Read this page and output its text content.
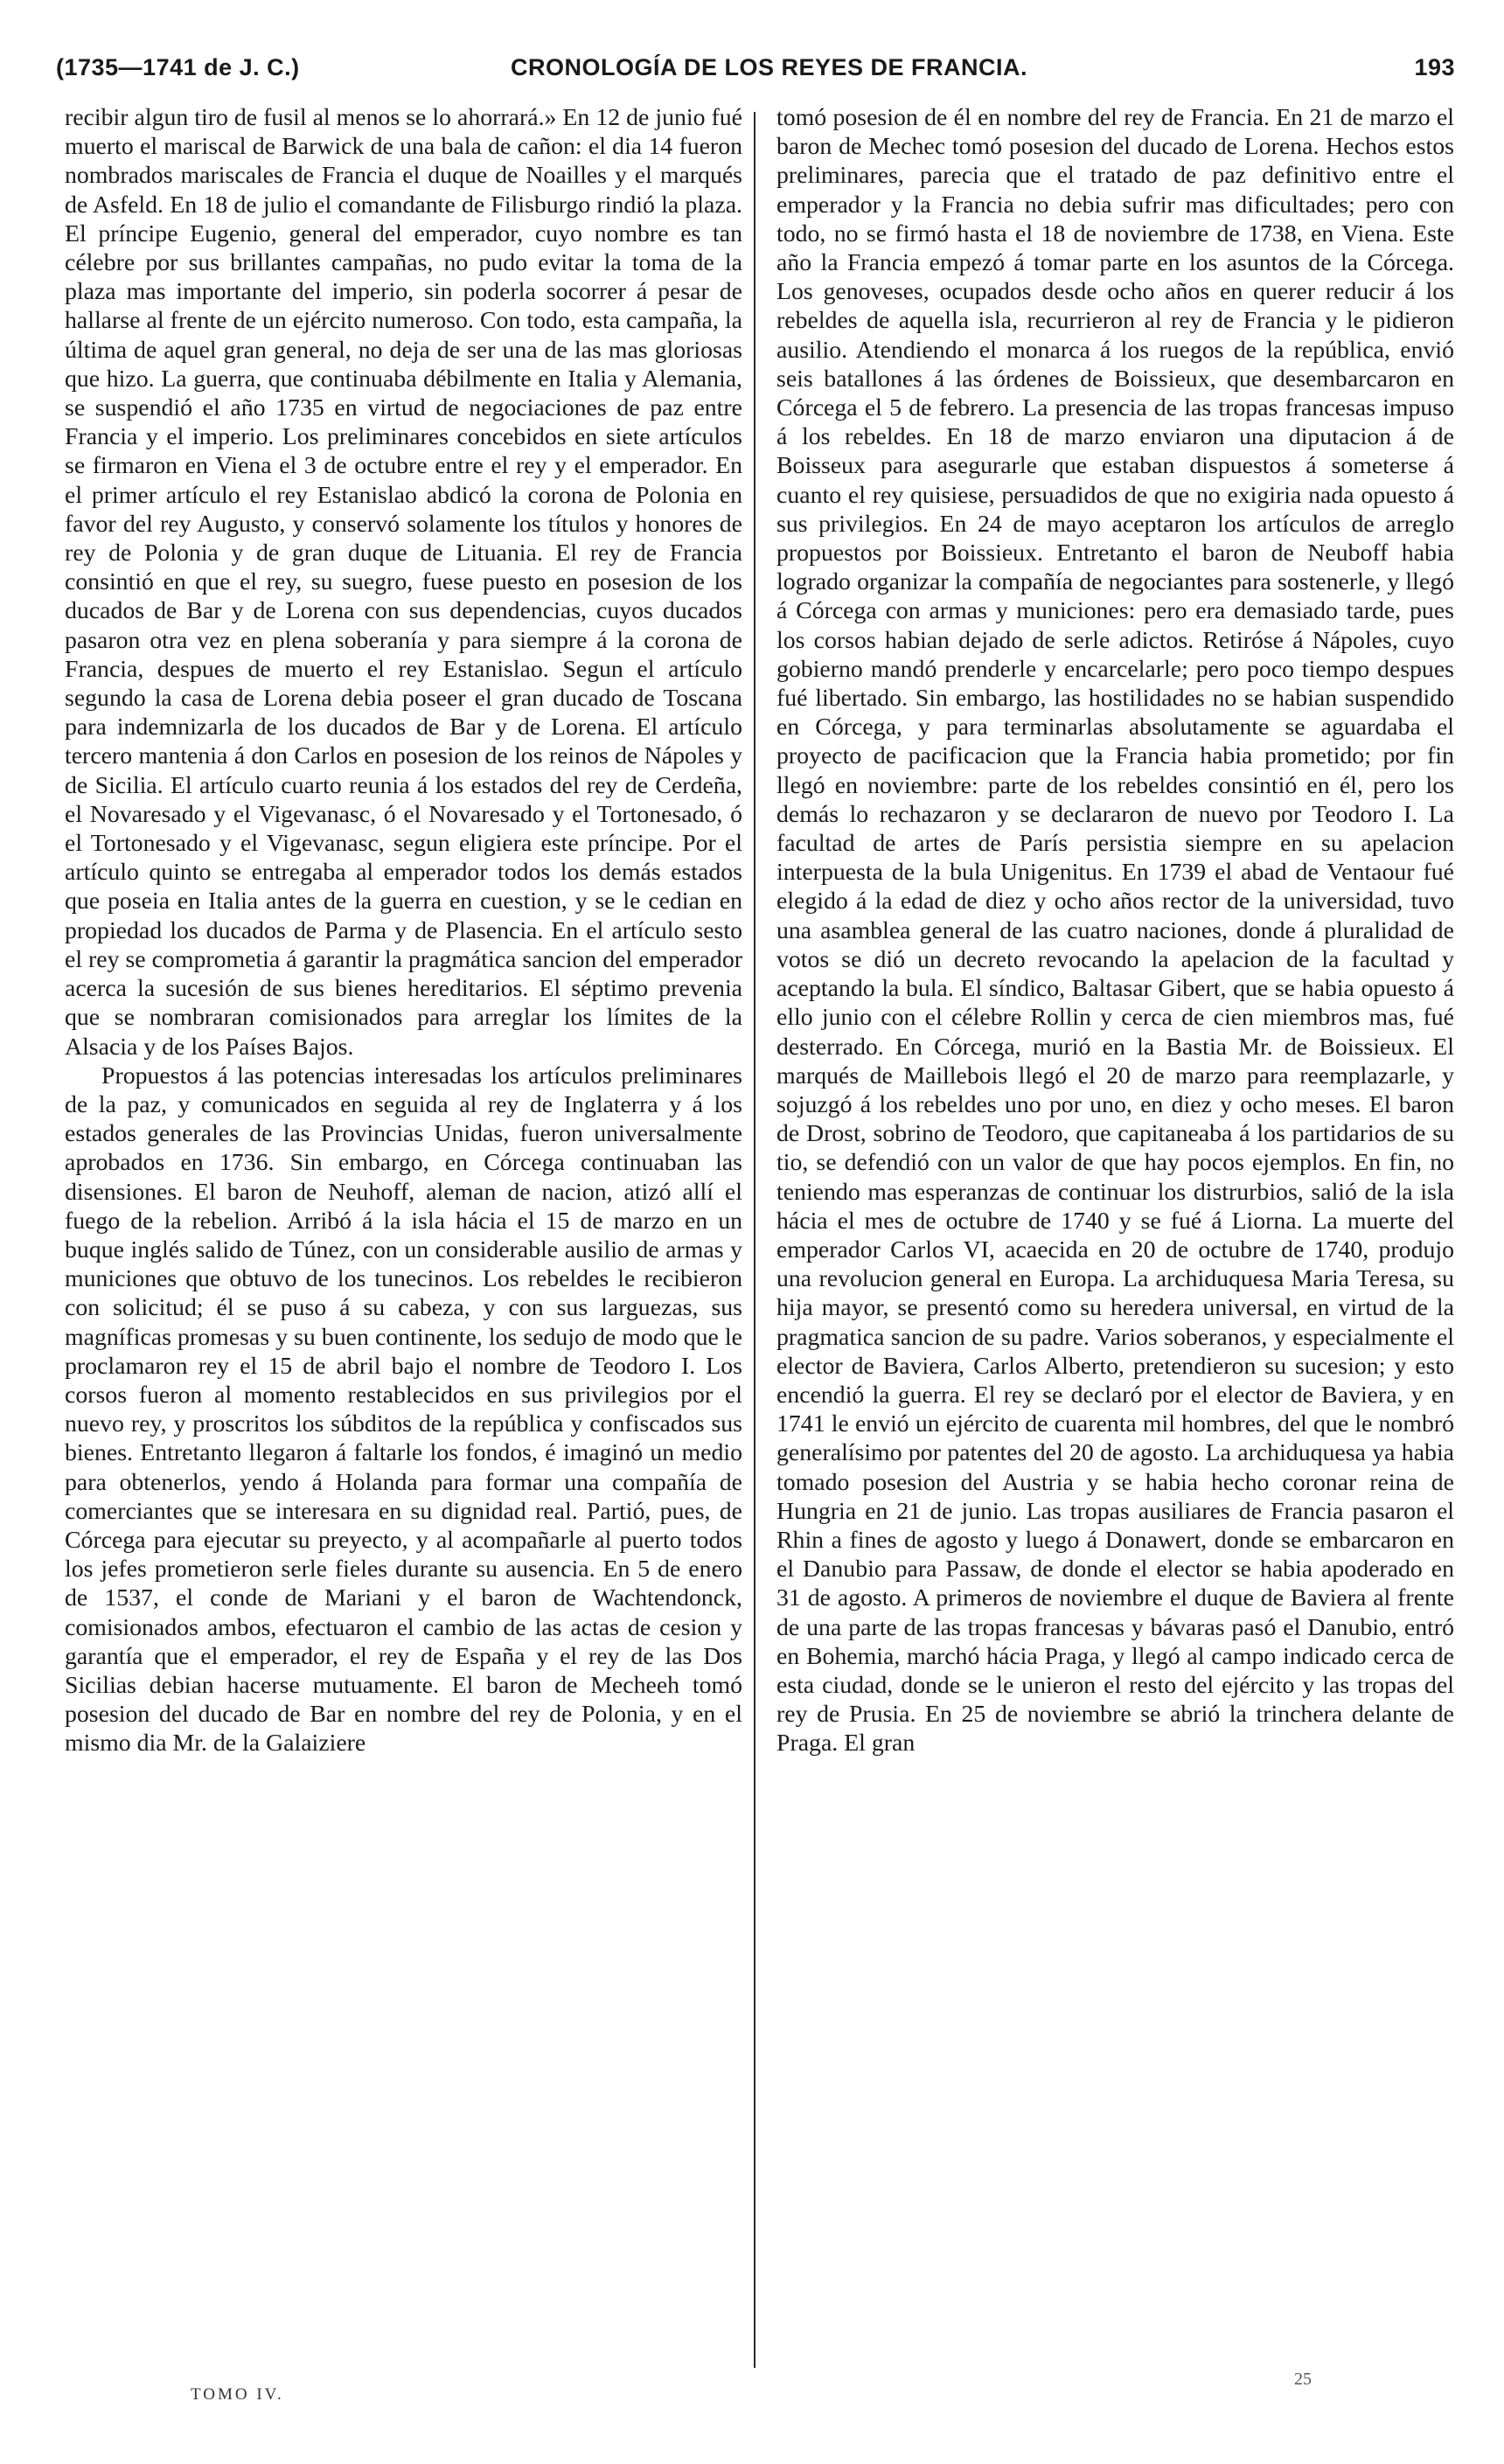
(1735—1741 de J. C.)	CRONOLOGÍA DE LOS REYES DE FRANCIA.	193

recibir algun tiro de fusil al menos se lo ahorrará.» En 12 de junio fué muerto el mariscal de Barwick de una bala de cañon: el dia 14 fueron nombrados mariscales de Francia el duque de Noailles y el marqués de Asfeld. En 18 de julio el comandante de Filisburgo rindió la plaza. El príncipe Eugenio, general del emperador, cuyo nombre es tan célebre por sus brillantes campañas, no pudo evitar la toma de la plaza mas importante del imperio, sin poderla socorrer á pesar de hallarse al frente de un ejército numeroso. Con todo, esta campaña, la última de aquel gran general, no deja de ser una de las mas gloriosas que hizo. La guerra, que continuaba débilmente en Italia y Alemania, se suspendió el año 1735 en virtud de negociaciones de paz entre Francia y el imperio. Los preliminares concebidos en siete artículos se firmaron en Viena el 3 de octubre entre el rey y el emperador. En el primer artículo el rey Estanislao abdicó la corona de Polonia en favor del rey Augusto, y conservó solamente los títulos y honores de rey de Polonia y de gran duque de Lituania. El rey de Francia consintió en que el rey, su suegro, fuese puesto en posesion de los ducados de Bar y de Lorena con sus dependencias, cuyos ducados pasaron otra vez en plena soberanía y para siempre á la corona de Francia, despues de muerto el rey Estanislao. Segun el artículo segundo la casa de Lorena debia poseer el gran ducado de Toscana para indemnizarla de los ducados de Bar y de Lorena. El artículo tercero mantenia á don Carlos en posesion de los reinos de Nápoles y de Sicilia. El artículo cuarto reunia á los estados del rey de Cerdeña, el Novaresado y el Vigevanasc, ó el Novaresado y el Tortonesado, ó el Tortonesado y el Vigevanasc, segun eligiera este príncipe. Por el artículo quinto se entregaba al emperador todos los demás estados que poseia en Italia antes de la guerra en cuestion, y se le cedian en propiedad los ducados de Parma y de Plasencia. En el artículo sesto el rey se comprometia á garantir la pragmática sancion del emperador acerca la sucesión de sus bienes hereditarios. El séptimo prevenia que se nombraran comisionados para arreglar los límites de la Alsacia y de los Países Bajos.

Propuestos á las potencias interesadas los artículos preliminares de la paz, y comunicados en seguida al rey de Inglaterra y á los estados generales de las Provincias Unidas, fueron universalmente aprobados en 1736. Sin embargo, en Córcega continuaban las disensiones. El baron de Neuhoff, aleman de nacion, atizó allí el fuego de la rebelion. Arribó á la isla hácia el 15 de marzo en un buque inglés salido de Túnez, con un considerable ausilio de armas y municiones que obtuvo de los tunecinos. Los rebeldes le recibieron con solicitud; él se puso á su cabeza, y con sus larguezas, sus magníficas promesas y su buen continente, los sedujo de modo que le proclamaron rey el 15 de abril bajo el nombre de Teodoro I. Los corsos fueron al momento restablecidos en sus privilegios por el nuevo rey, y proscritos los súbditos de la república y confiscados sus bienes. Entretanto llegaron á faltarle los fondos, é imaginó un medio para obtenerlos, yendo á Holanda para formar una compañía de comerciantes que se interesara en su dignidad real. Partió, pues, de Córcega para ejecutar su preyecto, y al acompañarle al puerto todos los jefes prometieron serle fieles durante su ausencia. En 5 de enero de 1537, el conde de Mariani y el baron de Wachtendonck, comisionados ambos, efectuaron el cambio de las actas de cesion y garantía que el emperador, el rey de España y el rey de las Dos Sicilias debian hacerse mutuamente. El baron de Mecheeh tomó posesion del ducado de Bar en nombre del rey de Polonia, y en el mismo dia Mr. de la Galaiziere

tomó posesion de él en nombre del rey de Francia. En 21 de marzo el baron de Mechec tomó posesion del ducado de Lorena. Hechos estos preliminares, parecia que el tratado de paz definitivo entre el emperador y la Francia no debia sufrir mas dificultades; pero con todo, no se firmó hasta el 18 de noviembre de 1738, en Viena. Este año la Francia empezó á tomar parte en los asuntos de la Córcega. Los genoveses, ocupados desde ocho años en querer reducir á los rebeldes de aquella isla, recurrieron al rey de Francia y le pidieron ausilio. Atendiendo el monarca á los ruegos de la república, envió seis batallones á las órdenes de Boissieux, que desembarcaron en Córcega el 5 de febrero. La presencia de las tropas francesas impuso á los rebeldes. En 18 de marzo enviaron una diputacion á de Boisseux para asegurarle que estaban dispuestos á someterse á cuanto el rey quisiese, persuadidos de que no exigiria nada opuesto á sus privilegios. En 24 de mayo aceptaron los artículos de arreglo propuestos por Boissieux. Entretanto el baron de Neuboff habia logrado organizar la compañía de negociantes para sostenerle, y llegó á Córcega con armas y municiones: pero era demasiado tarde, pues los corsos habian dejado de serle adictos. Retiróse á Nápoles, cuyo gobierno mandó prenderle y encarcelarle; pero poco tiempo despues fué libertado. Sin embargo, las hostilidades no se habian suspendido en Córcega, y para terminarlas absolutamente se aguardaba el proyecto de pacificacion que la Francia habia prometido; por fin llegó en noviembre: parte de los rebeldes consintió en él, pero los demás lo rechazaron y se declararon de nuevo por Teodoro I. La facultad de artes de París persistia siempre en su apelacion interpuesta de la bula Unigenitus. En 1739 el abad de Ventaour fué elegido á la edad de diez y ocho años rector de la universidad, tuvo una asamblea general de las cuatro naciones, donde á pluralidad de votos se dió un decreto revocando la apelacion de la facultad y aceptando la bula. El síndico, Baltasar Gibert, que se habia opuesto á ello junio con el célebre Rollin y cerca de cien miembros mas, fué desterrado. En Córcega, murió en la Bastia Mr. de Boissieux. El marqués de Maillebois llegó el 20 de marzo para reemplazarle, y sojuzgó á los rebeldes uno por uno, en diez y ocho meses. El baron de Drost, sobrino de Teodoro, que capitaneaba á los partidarios de su tio, se defendió con un valor de que hay pocos ejemplos. En fin, no teniendo mas esperanzas de continuar los distrurbios, salió de la isla hácia el mes de octubre de 1740 y se fué á Liorna. La muerte del emperador Carlos VI, acaecida en 20 de octubre de 1740, produjo una revolucion general en Europa. La archiduquesa Maria Teresa, su hija mayor, se presentó como su heredera universal, en virtud de la pragmatica sancion de su padre. Varios soberanos, y especialmente el elector de Baviera, Carlos Alberto, pretendieron su sucesion; y esto encendió la guerra. El rey se declaró por el elector de Baviera, y en 1741 le envió un ejército de cuarenta mil hombres, del que le nombró generalísimo por patentes del 20 de agosto. La archiduquesa ya habia tomado posesion del Austria y se habia hecho coronar reina de Hungria en 21 de junio. Las tropas ausiliares de Francia pasaron el Rhin a fines de agosto y luego á Donawert, donde se embarcaron en el Danubio para Passaw, de donde el elector se habia apoderado en 31 de agosto. A primeros de noviembre el duque de Baviera al frente de una parte de las tropas francesas y bávaras pasó el Danubio, entró en Bohemia, marchó hácia Praga, y llegó al campo indicado cerca de esta ciudad, donde se le unieron el resto del ejército y las tropas del rey de Prusia. En 25 de noviembre se abrió la trinchera delante de Praga. El gran

TOMO IV.
25
